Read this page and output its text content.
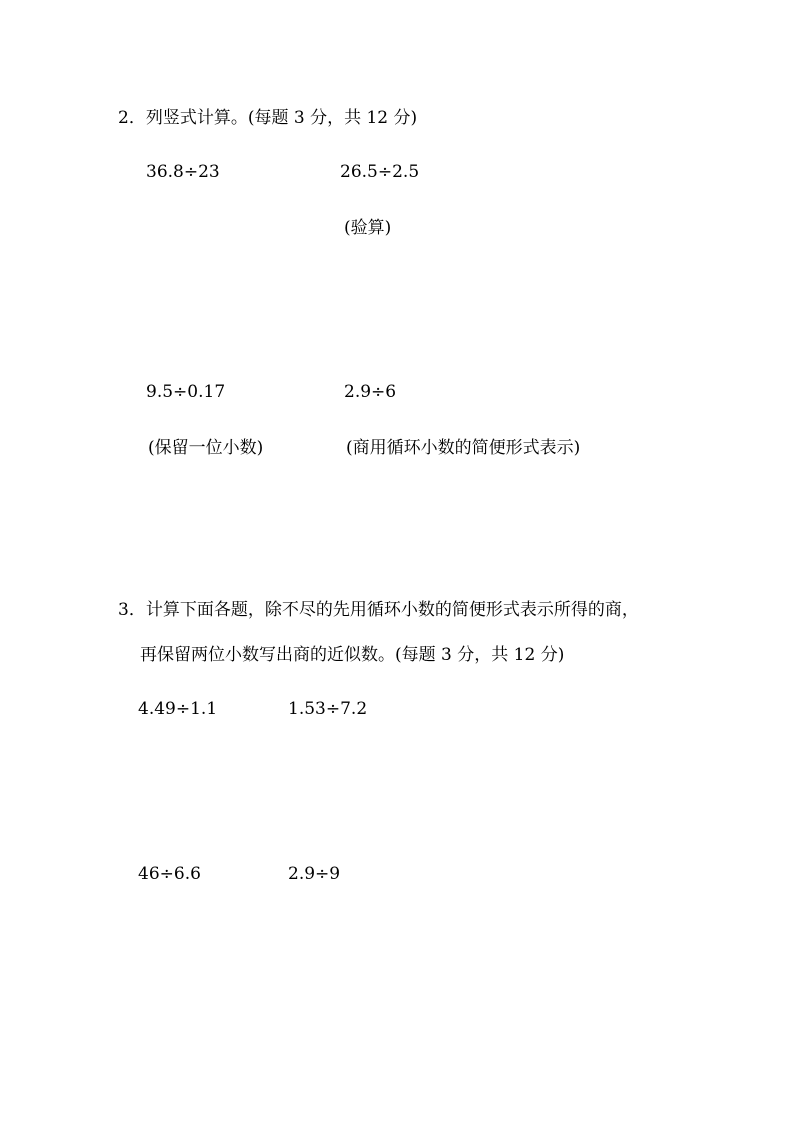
2．列竖式计算。(每题 3 分，共 12 分)
36.8÷23	26.5÷2.5
(验算)
9.5÷0.17	2.9÷6
(保留一位小数)	(商用循环小数的简便形式表示)
3．计算下面各题，除不尽的先用循环小数的简便形式表示所得的商，
再保留两位小数写出商的近似数。(每题 3 分，共 12 分)
4.49÷1.1	1.53÷7.2
46÷6.6	2.9÷9
